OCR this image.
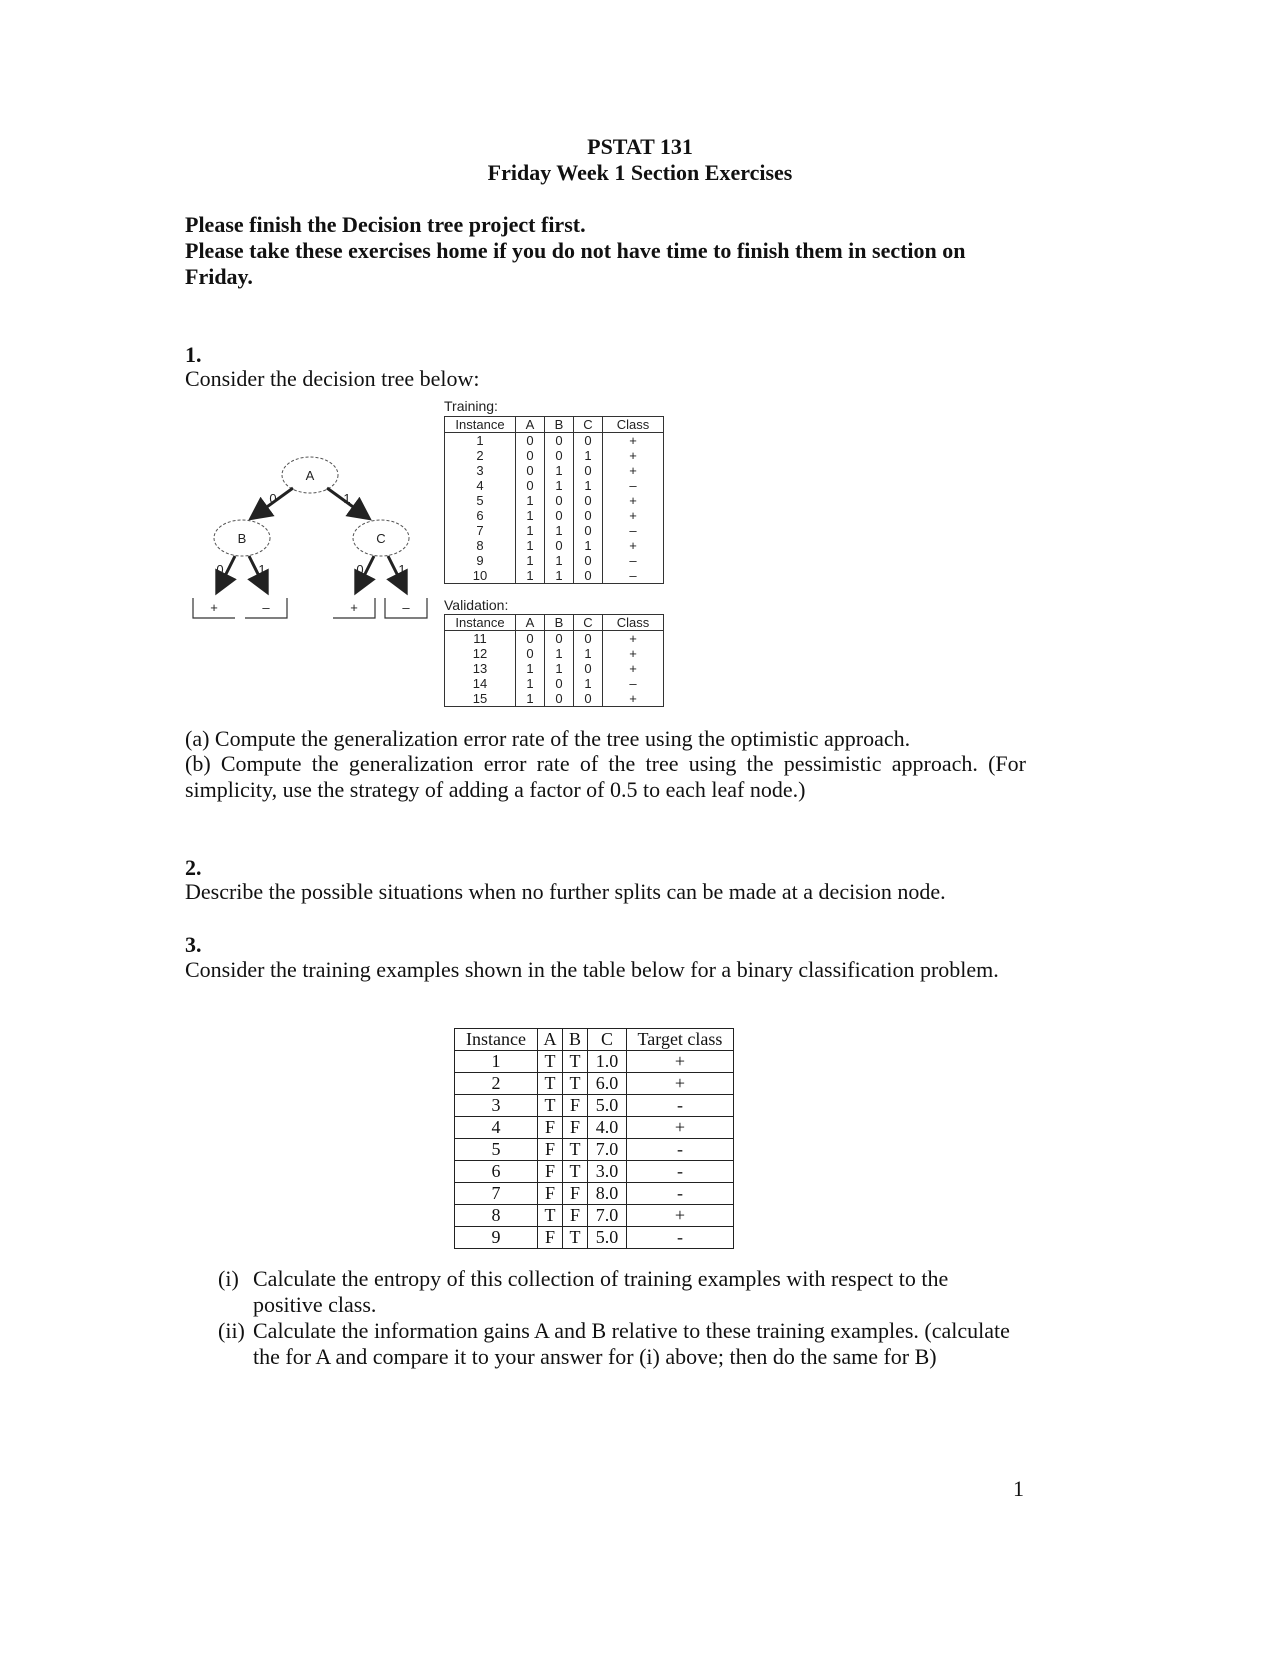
PSTAT 131
Friday Week 1 Section Exercises
Please finish the Decision tree project first.
Please take these exercises home if you do not have time to finish them in section on
Friday.
1.
Consider the decision tree below:
A
0	1
B	C
0	1	0	1
+	–	+	–
Training:
Instance	A	B	C	Class
1	0	0	0	+
2	0	0	1	+
3	0	1	0	+
4	0	1	1	–
5	1	0	0	+
6	1	0	0	+
7	1	1	0	–
8	1	0	1	+
9	1	1	0	–
10	1	1	0	–
Validation:
Instance	A	B	C	Class
11	0	0	0	+
12	0	1	1	+
13	1	1	0	+
14	1	0	1	–
15	1	0	0	+
(a) Compute the generalization error rate of the tree using the optimistic approach.
(b) Compute the generalization error rate of the tree using the pessimistic approach. (For
simplicity, use the strategy of adding a factor of 0.5 to each leaf node.)
2.
Describe the possible situations when no further splits can be made at a decision node.
3.
Consider the training examples shown in the table below for a binary classification problem.
Instance	A	B	C	Target class
1	T	T	1.0	+
2	T	T	6.0	+
3	T	F	5.0	-
4	F	F	4.0	+
5	F	T	7.0	-
6	F	T	3.0	-
7	F	F	8.0	-
8	T	F	7.0	+
9	F	T	5.0	-
(i) Calculate the entropy of this collection of training examples with respect to the
positive class.
(ii) Calculate the information gains A and B relative to these training examples. (calculate
the for A and compare it to your answer for (i) above; then do the same for B)
1
